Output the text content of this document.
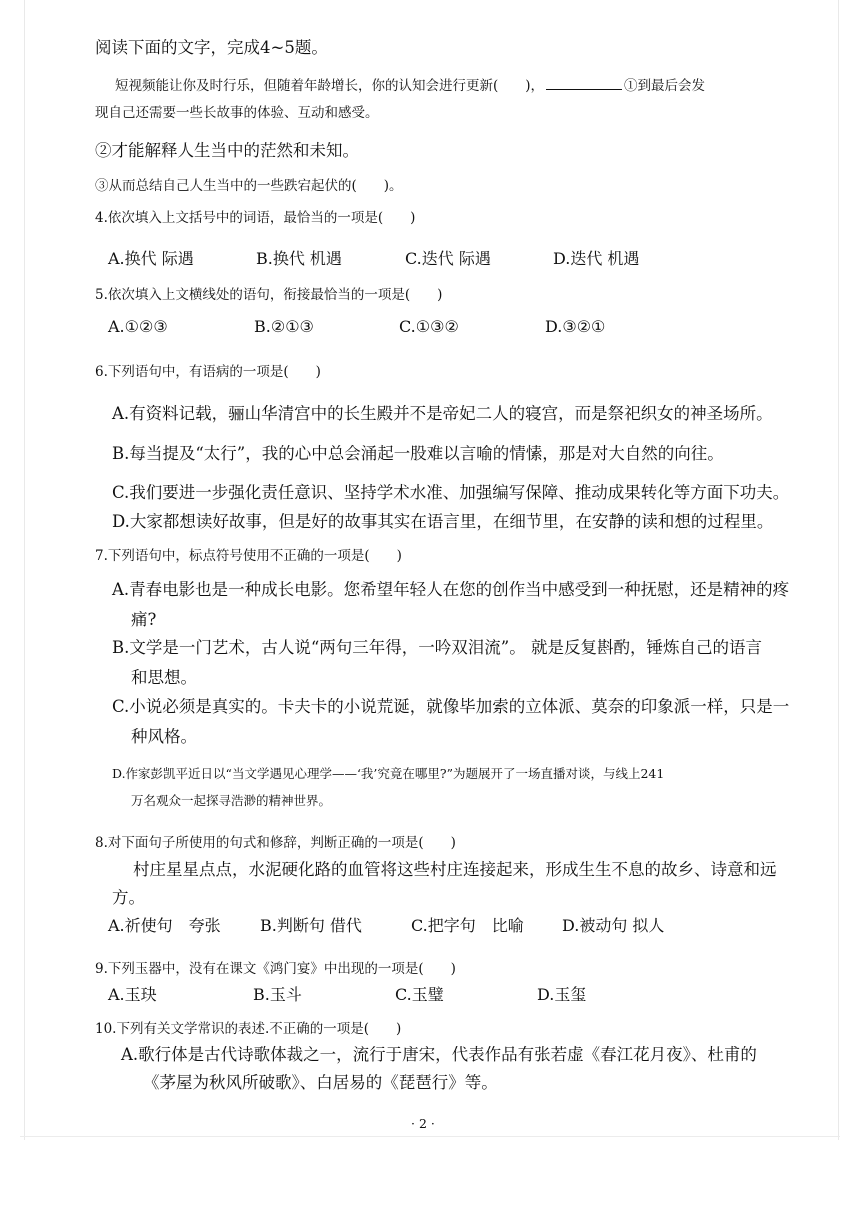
阅读下面的文字，完成4~5题。
短视频能让你及时行乐，但随着年龄增长，你的认知会进行更新(　　)，	①到最后会发
现自己还需要一些长故事的体验、互动和感受。
②才能解释人生当中的茫然和未知。
③从而总结自己人生当中的一些跌宕起伏的(　　)。
4.依次填入上文括号中的词语，最恰当的一项是(　　)
A.换代 际遇	B.换代 机遇	C.迭代 际遇	D.迭代 机遇
5.依次填入上文横线处的语句，衔接最恰当的一项是(　　)
A.①②③	B.②①③	C.①③②	D.③②①
6.下列语句中，有语病的一项是(　　)
A.有资料记载，骊山华清宫中的长生殿并不是帝妃二人的寝宫，而是祭祀织女的神圣场所。
B.每当提及“太行”，我的心中总会涌起一股难以言喻的情愫，那是对大自然的向往。
C.我们要进一步强化责任意识、坚持学术水准、加强编写保障、推动成果转化等方面下功夫。
D.大家都想读好故事，但是好的故事其实在语言里，在细节里，在安静的读和想的过程里。
7.下列语句中，标点符号使用不正确的一项是(　　)
A.青春电影也是一种成长电影。您希望年轻人在您的创作当中感受到一种抚慰，还是精神的疼
痛?
B.文学是一门艺术，古人说“两句三年得，一吟双泪流”。 就是反复斟酌，锤炼自己的语言
和思想。
C.小说必须是真实的。卡夫卡的小说荒诞，就像毕加索的立体派、莫奈的印象派一样，只是一
种风格。
D.作家彭凯平近日以“当文学遇见心理学——‘我’究竟在哪里?”为题展开了一场直播对谈，与线上241
万名观众一起探寻浩渺的精神世界。
8.对下面句子所使用的句式和修辞，判断正确的一项是(　　)
村庄星星点点，水泥硬化路的血管将这些村庄连接起来，形成生生不息的故乡、诗意和远
方。
A.祈使句　夸张 B.判断句 借代	C.把字句　比喻 D.被动句 拟人
9.下列玉器中，没有在课文《鸿门宴》中出现的一项是(　　)
A.玉玦	B.玉斗	C.玉璧	D.玉玺
10.下列有关文学常识的表述.不正确的一项是(　　)
A.歌行体是古代诗歌体裁之一，流行于唐宋，代表作品有张若虚《春江花月夜》、杜甫的
《茅屋为秋风所破歌》、白居易的《琵琶行》等。
· 2 ·
